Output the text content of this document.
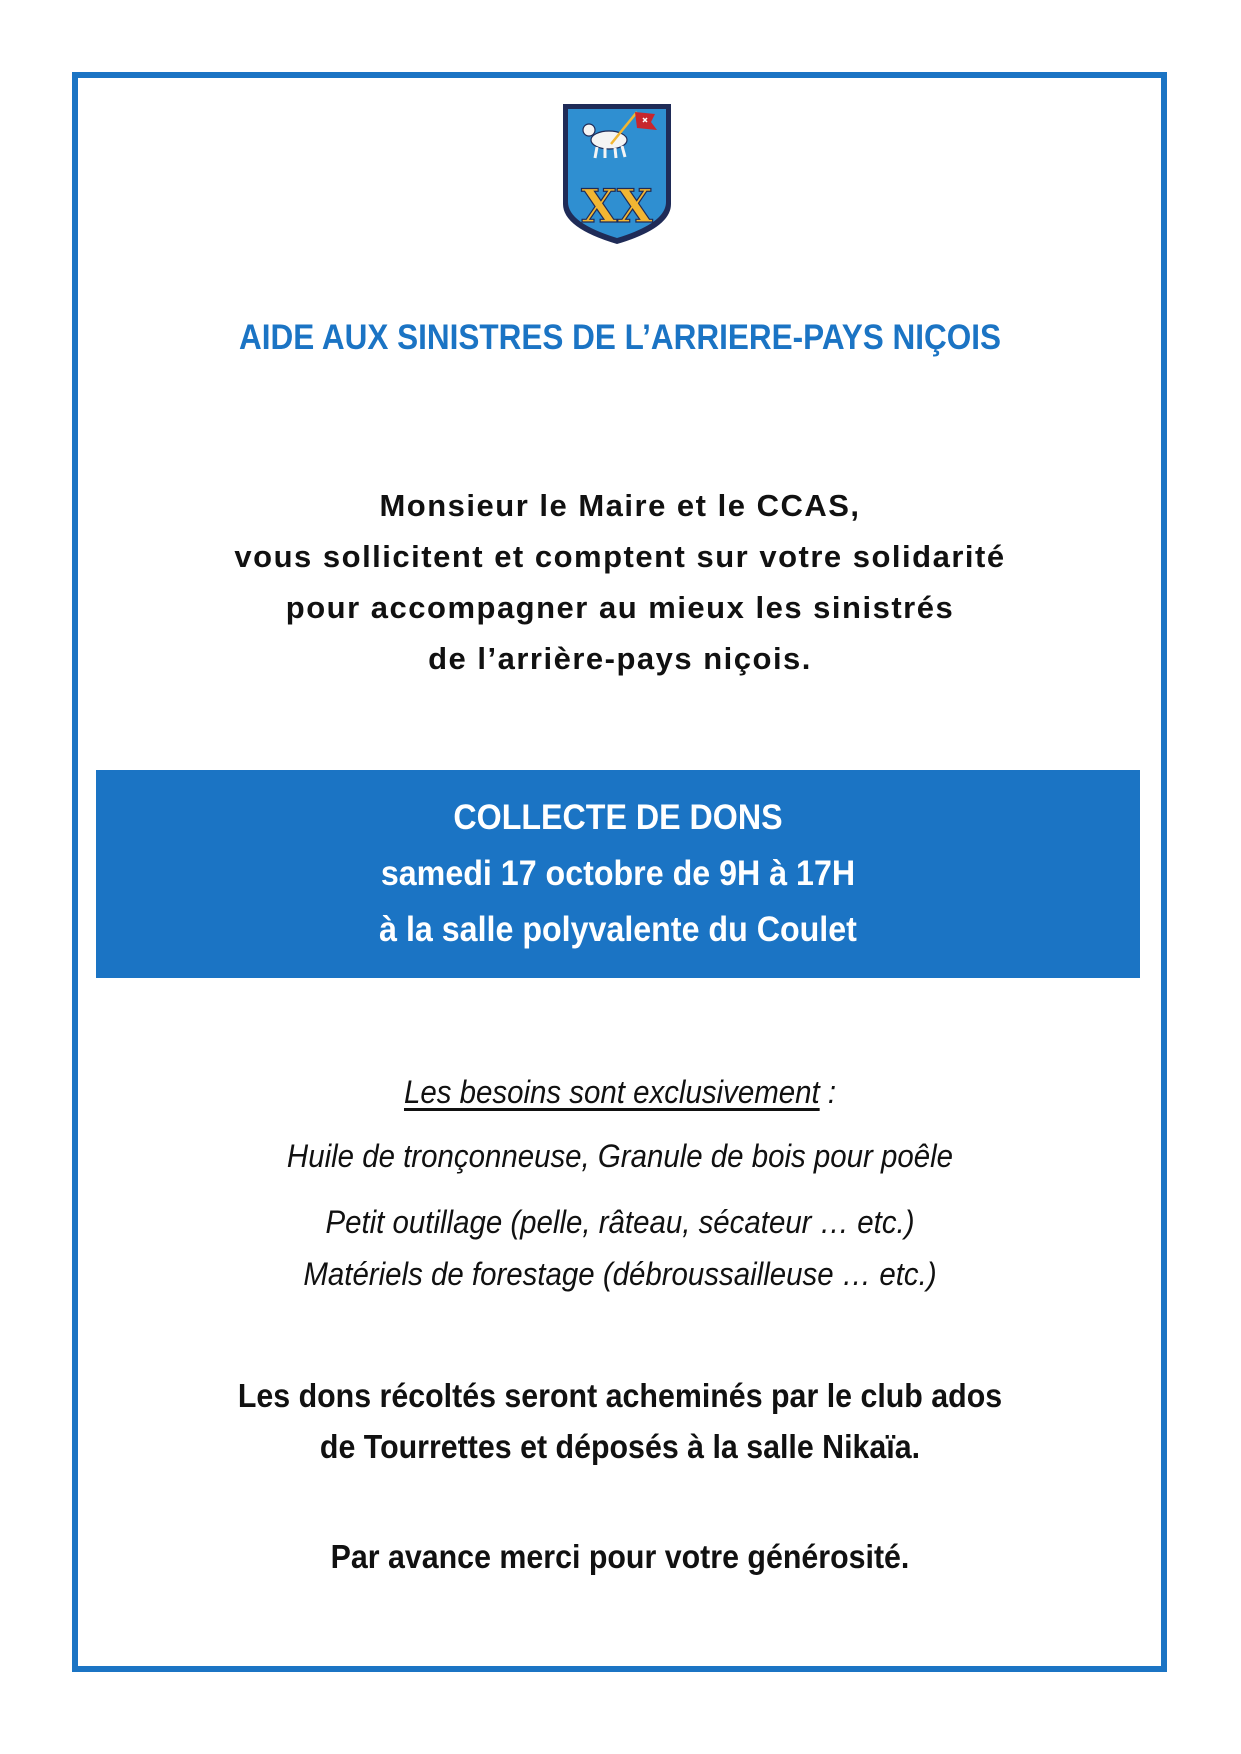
XX
AIDE AUX SINISTRES DE L’ARRIERE-PAYS NIÇOIS
Monsieur le Maire et le CCAS,
vous sollicitent et comptent sur votre solidarité
pour accompagner au mieux les sinistrés
de l’arrière-pays niçois.
COLLECTE DE DONS
samedi 17 octobre de 9H à 17H
à la salle polyvalente du Coulet
Les besoins sont exclusivement :
Huile de tronçonneuse, Granule de bois pour poêle
Petit outillage (pelle, râteau, sécateur … etc.)
Matériels de forestage (débroussailleuse … etc.)
Les dons récoltés seront acheminés par le club ados
de Tourrettes et déposés à la salle Nikaïa.
Par avance merci pour votre générosité.
